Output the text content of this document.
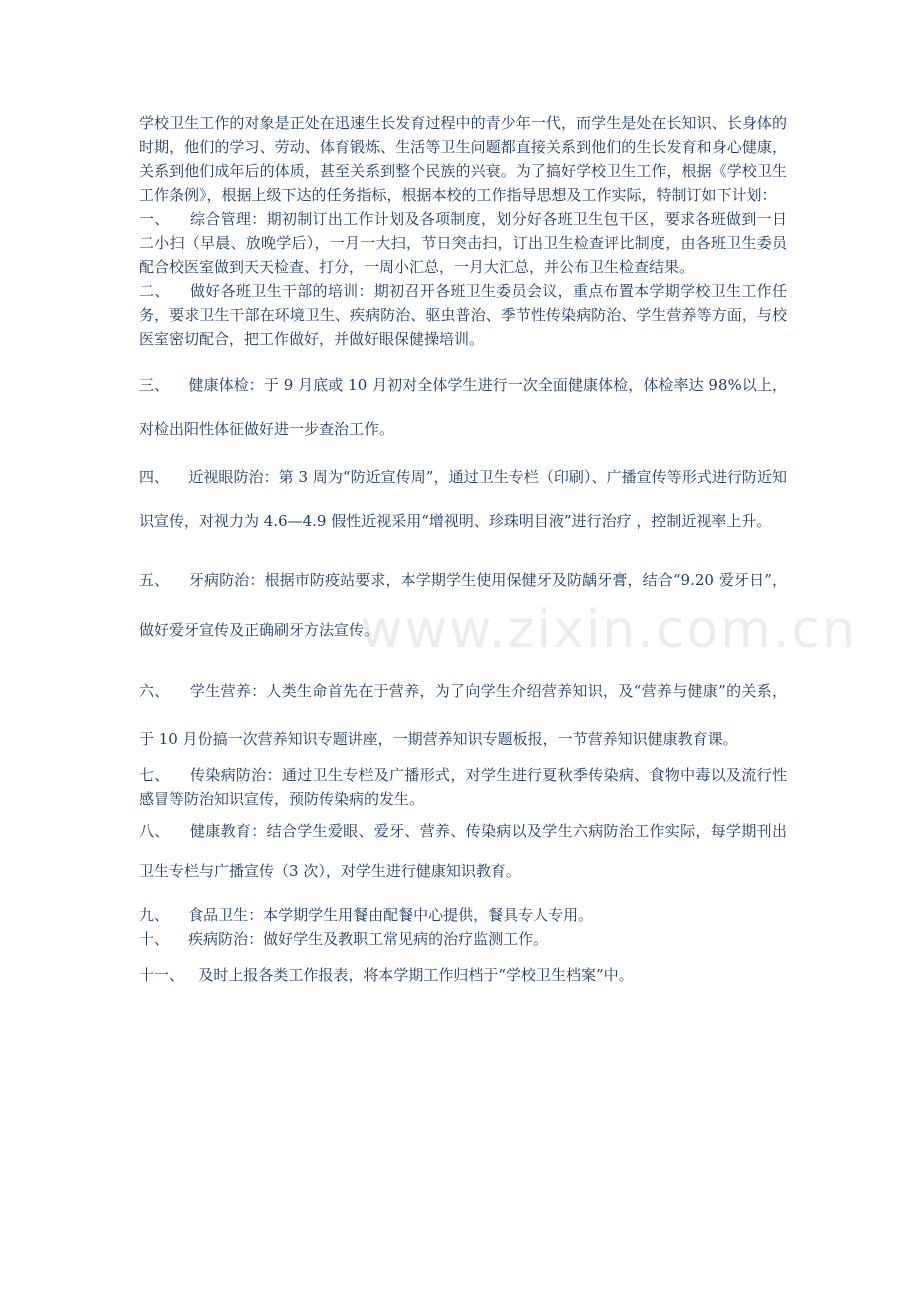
学校卫生工作的对象是正处在迅速生长发育过程中的青少年一代，而学生是处在长知识、长身体的时期，他们的学习、劳动、体育锻炼、生活等卫生问题都直接关系到他们的生长发育和身心健康，关系到他们成年后的体质，甚至关系到整个民族的兴衰。为了搞好学校卫生工作，根据《学校卫生工作条例》，根据上级下达的任务指标，根据本校的工作指导思想及工作实际，特制订如下计划：

一、 综合管理：期初制订出工作计划及各项制度，划分好各班卫生包干区，要求各班做到一日二小扫（早晨、放晚学后），一月一大扫，节日突击扫，订出卫生检查评比制度，由各班卫生委员配合校医室做到天天检查、打分，一周小汇总，一月大汇总，并公布卫生检查结果。

二、 做好各班卫生干部的培训：期初召开各班卫生委员会议，重点布置本学期学校卫生工作任务，要求卫生干部在环境卫生、疾病防治、驱虫普治、季节性传染病防治、学生营养等方面，与校医室密切配合，把工作做好，并做好眼保健操培训。

三、 健康体检：于 9 月底或 10 月初对全体学生进行一次全面健康体检，体检率达 98%以上，对检出阳性体征做好进一步查治工作。

四、 近视眼防治：第 3 周为“防近宣传周”，通过卫生专栏（印刷）、广播宣传等形式进行防近知识宣传，对视力为 4.6—4.9 假性近视采用“增视明、珍珠明目液”进行治疗 ，控制近视率上升。

五、 牙病防治：根据市防疫站要求，本学期学生使用保健牙及防龋牙膏，结合“9.20 爱牙日”，做好爱牙宣传及正确刷牙方法宣传。

六、 学生营养：人类生命首先在于营养，为了向学生介绍营养知识，及“营养与健康”的关系，于 10 月份搞一次营养知识专题讲座，一期营养知识专题板报，一节营养知识健康教育课。

七、 传染病防治：通过卫生专栏及广播形式，对学生进行夏秋季传染病、食物中毒以及流行性感冒等防治知识宣传，预防传染病的发生。

八、 健康教育：结合学生爱眼、爱牙、营养、传染病以及学生六病防治工作实际，每学期刊出卫生专栏与广播宣传（3 次），对学生进行健康知识教育。

九、 食品卫生：本学期学生用餐由配餐中心提供，餐具专人专用。

十、 疾病防治：做好学生及教职工常见病的治疗监测工作。

十一、 及时上报各类工作报表，将本学期工作归档于“学校卫生档案”中。

www.zixin.com.cn
